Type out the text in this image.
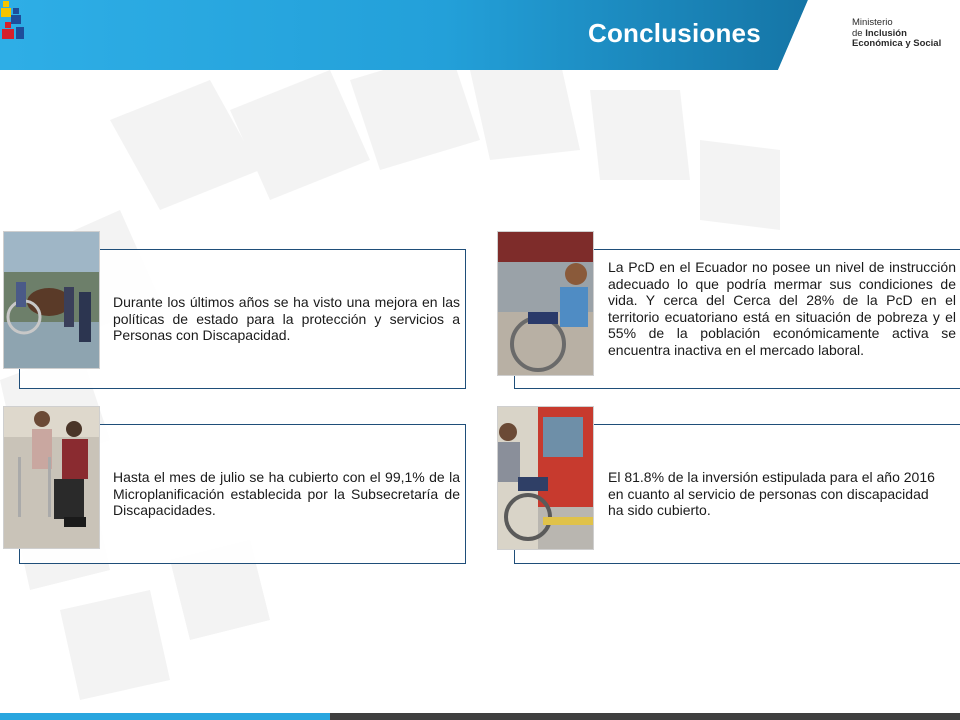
Conclusiones	Ministerio
de Inclusión
Económica y Social
Durante los últimos años se ha visto una mejora en las políticas de estado para la protección y servicios a Personas con Discapacidad.
La PcD en el Ecuador no posee un nivel de instrucción adecuado lo que podría mermar sus condiciones de vida. Y cerca del Cerca del 28% de la PcD en el territorio ecuatoriano está en situación de pobreza y el 55% de la población económicamente activa se encuentra inactiva en el mercado laboral.
Hasta el mes de julio se ha cubierto con el 99,1% de la Microplanificación establecida por la Subsecretaría de Discapacidades.
El 81.8% de la inversión estipulada para el año 2016 en cuanto al servicio de personas con discapacidad ha sido cubierto.
